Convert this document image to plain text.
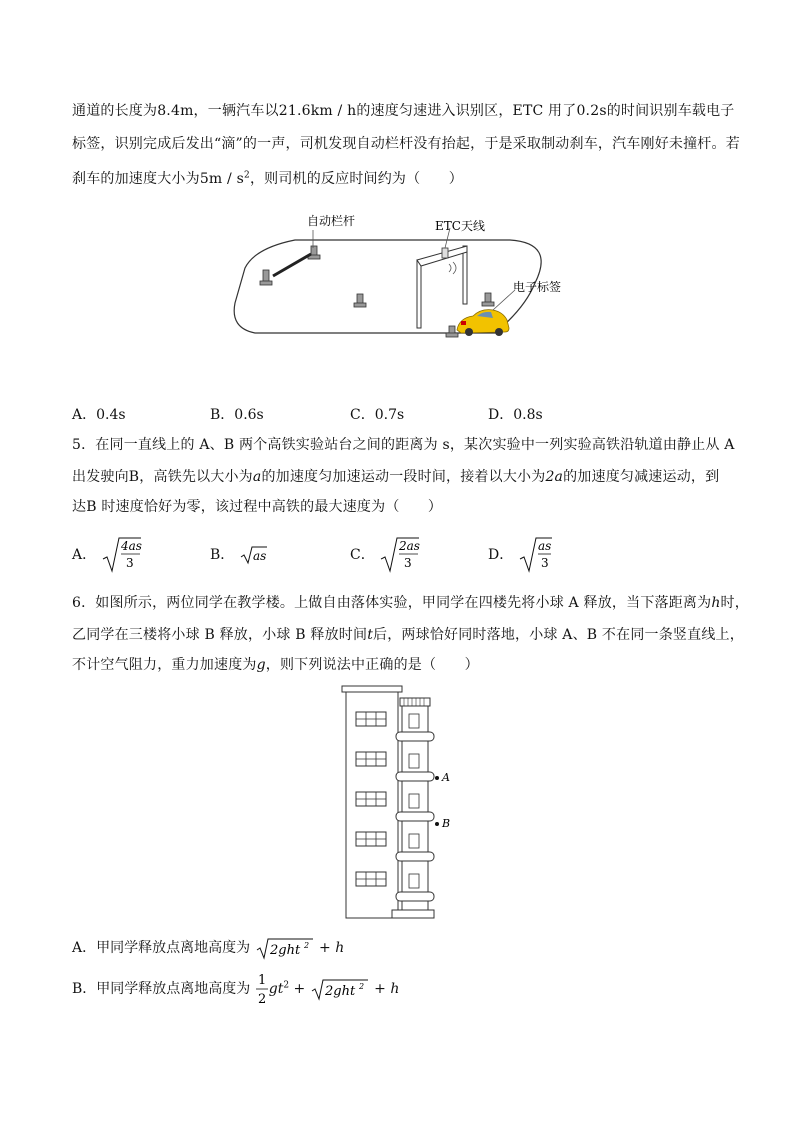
通道的长度为8.4m，一辆汽车以21.6km / h的速度匀速进入识别区，ETC 用了0.2s的时间识别车载电子
标签，识别完成后发出“滴”的一声，司机发现自动栏杆没有抬起，于是采取制动刹车，汽车刚好未撞杆。若
刹车的加速度大小为$5m / s^2$，则司机的反应时间约为（　　）
自动栏杆	ETC天线
电子标签
A．0.4s	B．0.6s	C．0.7s	D．0.8s
5．在同一直线上的 A、B 两个高铁实验站台之间的距离为 s，某次实验中一列实验高铁沿轨道由静止从 A
出发驶向B，高铁先以大小为a的加速度匀加速运动一段时间，接着以大小为2a的加速度匀减速运动，到
达B 时速度恰好为零，该过程中高铁的最大速度为（　　）
A．
4as
3	B． as	C．
2as
3	D．
as
3
6．如图所示，两位同学在教学楼。上做自由落体实验，甲同学在四楼先将小球 A 释放，当下落距离为h时，
乙同学在三楼将小球 B 释放，小球 B 释放时间t后，两球恰好同时落地，小球 A、B 不在同一条竖直线上，
不计空气阻力，重力加速度为g，则下列说法中正确的是（　　）
A
B
A．甲同学释放点离地高度为 2ght 2 + h
B．甲同学释放点离地高度为
1
2
$gt^2 + 2ght$ 2 + h
